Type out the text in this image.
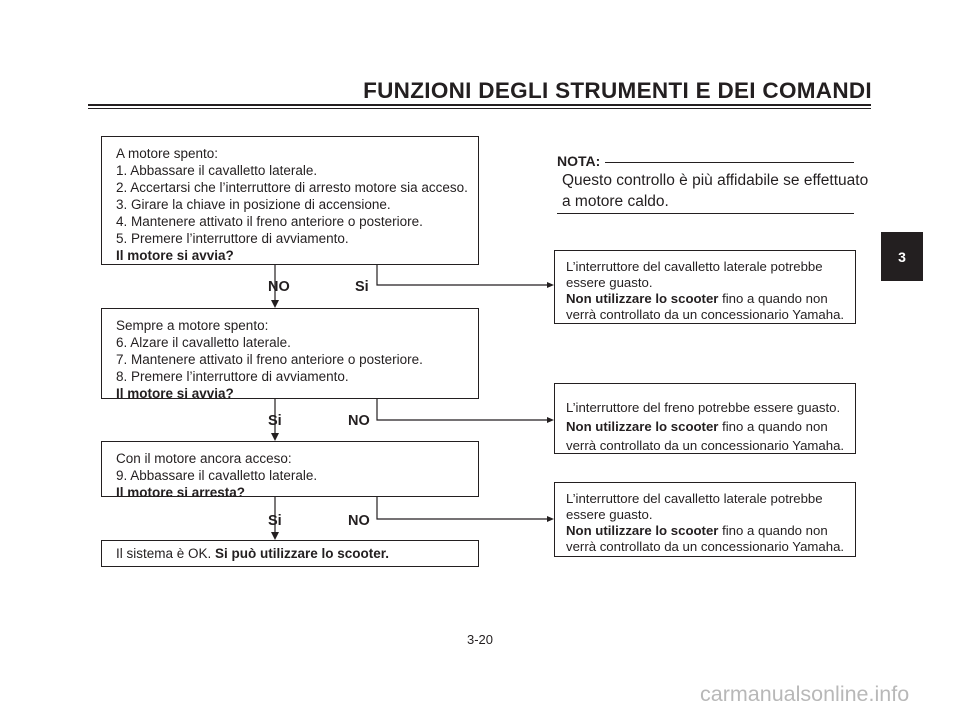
FUNZIONI DEGLI STRUMENTI E DEI COMANDI
A motore spento:
1. Abbassare il cavalletto laterale.
2. Accertarsi che l’interruttore di arresto motore sia acceso.
3. Girare la chiave in posizione di accensione.
4. Mantenere attivato il freno anteriore o posteriore.
5. Premere l’interruttore di avviamento.
Il motore si avvia?
NO	Si
Sempre a motore spento:
6. Alzare il cavalletto laterale.
7. Mantenere attivato il freno anteriore o posteriore.
8. Premere l’interruttore di avviamento.
Il motore si avvia?
Si	NO
Con il motore ancora acceso:
9. Abbassare il cavalletto laterale.
Il motore si arresta?
Si	NO
Il sistema è OK. Si può utilizzare lo scooter.
L’interruttore del cavalletto laterale potrebbe
essere guasto.
Non utilizzare lo scooter fino a quando non
verrà controllato da un concessionario Yamaha.
L’interruttore del freno potrebbe essere guasto.
Non utilizzare lo scooter fino a quando non
verrà controllato da un concessionario Yamaha.
L’interruttore del cavalletto laterale potrebbe
essere guasto.
Non utilizzare lo scooter fino a quando non
verrà controllato da un concessionario Yamaha.
NOTA:
Questo controllo è più affidabile se effettuato
a motore caldo.
3
3-20
carmanualsonline.info
